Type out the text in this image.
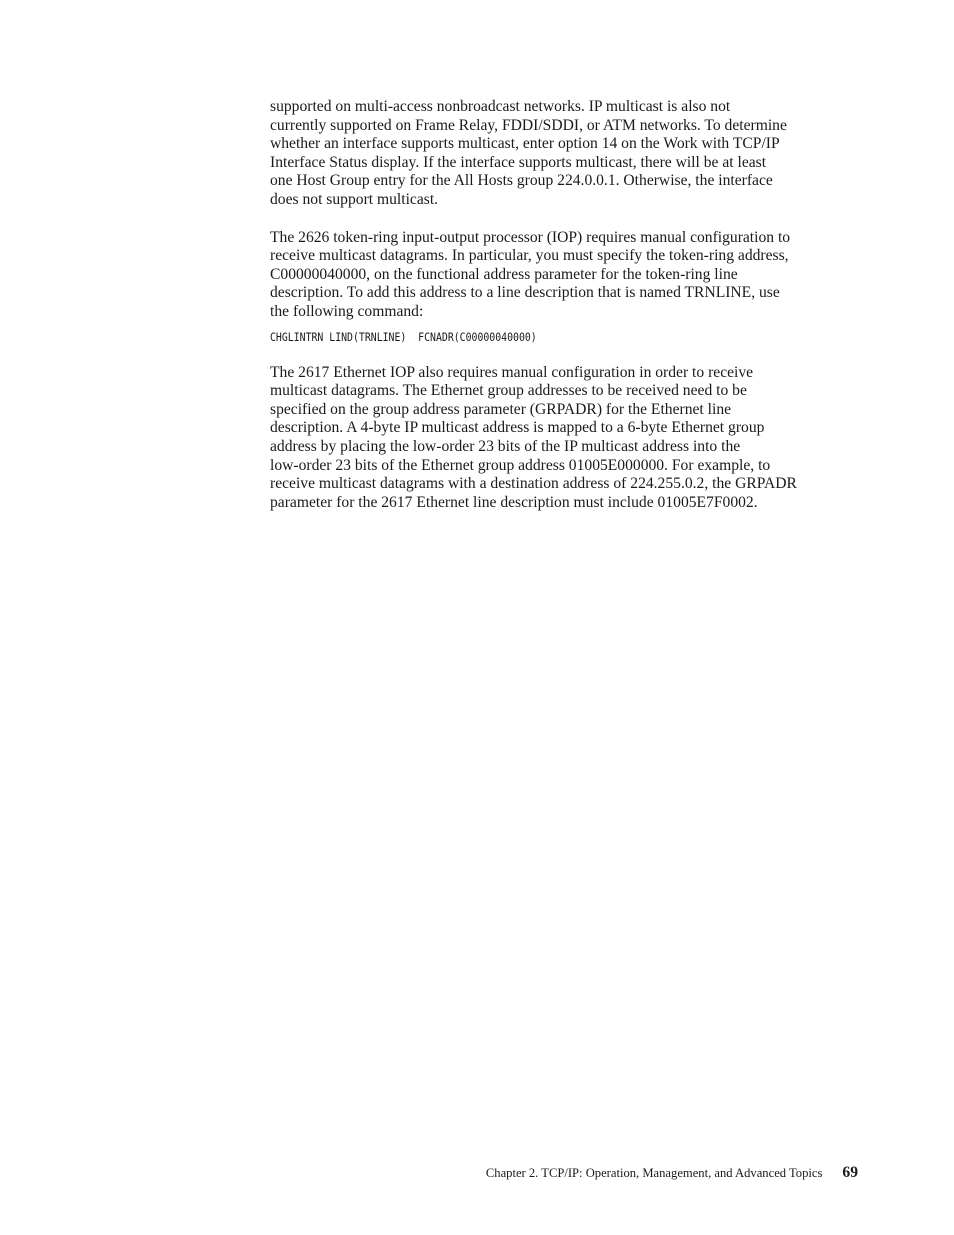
supported on multi-access nonbroadcast networks. IP multicast is also not
currently supported on Frame Relay, FDDI/SDDI, or ATM networks. To determine
whether an interface supports multicast, enter option 14 on the Work with TCP/IP
Interface Status display. If the interface supports multicast, there will be at least
one Host Group entry for the All Hosts group 224.0.0.1. Otherwise, the interface
does not support multicast.

The 2626 token-ring input-output processor (IOP) requires manual configuration to
receive multicast datagrams. In particular, you must specify the token-ring address,
C00000040000, on the functional address parameter for the token-ring line
description. To add this address to a line description that is named TRNLINE, use
the following command:

CHGLINTRN LIND(TRNLINE)  FCNADR(C00000040000)

The 2617 Ethernet IOP also requires manual configuration in order to receive
multicast datagrams. The Ethernet group addresses to be received need to be
specified on the group address parameter (GRPADR) for the Ethernet line
description. A 4-byte IP multicast address is mapped to a 6-byte Ethernet group
address by placing the low-order 23 bits of the IP multicast address into the
low-order 23 bits of the Ethernet group address 01005E000000. For example, to
receive multicast datagrams with a destination address of 224.255.0.2, the GRPADR
parameter for the 2617 Ethernet line description must include 01005E7F0002.

Chapter 2. TCP/IP: Operation, Management, and Advanced Topics 69
